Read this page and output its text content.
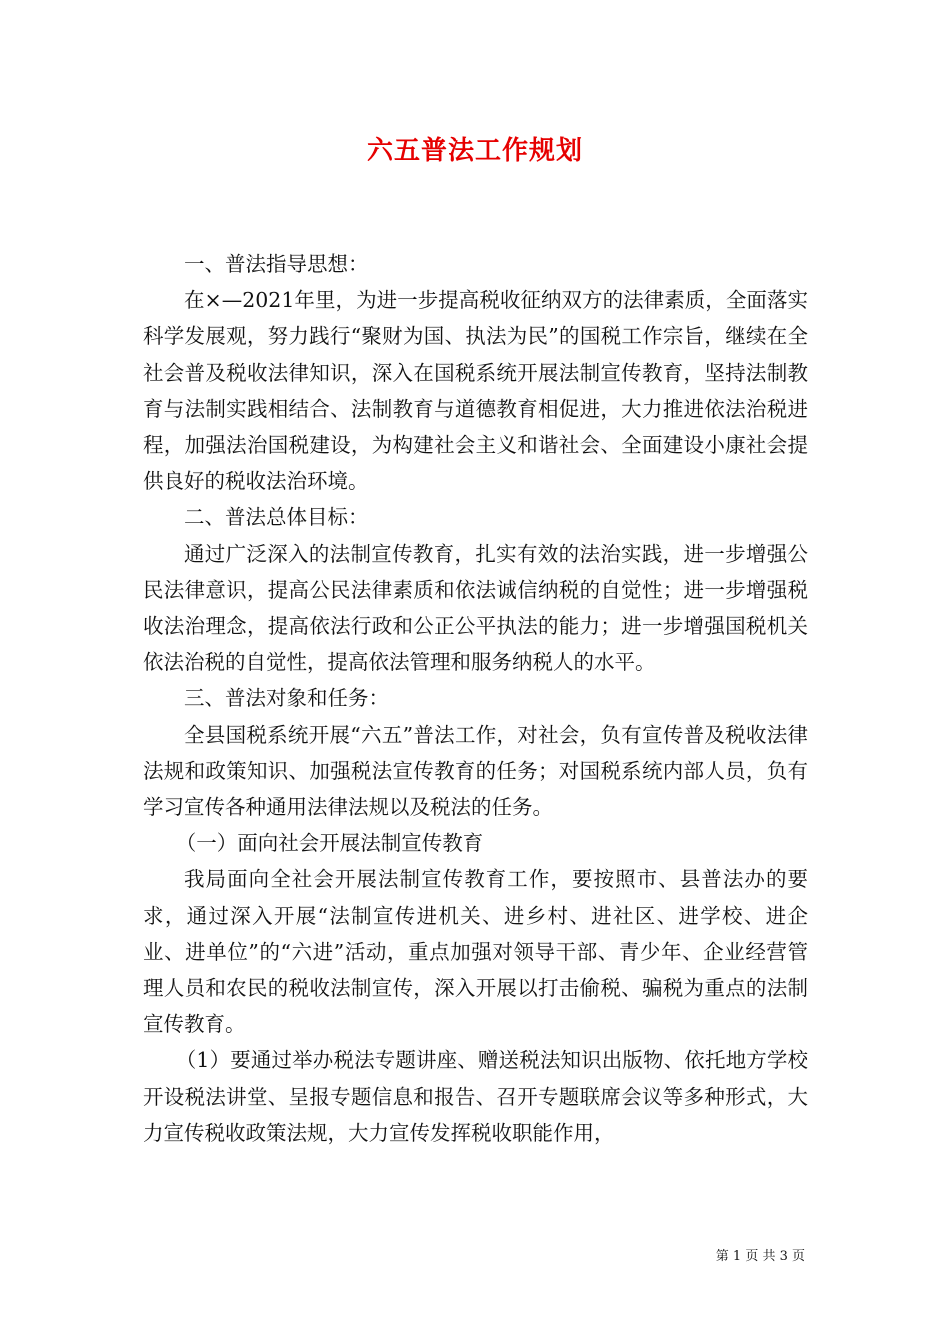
六五普法工作规划

一、普法指导思想：

在×—2021年里，为进一步提高税收征纳双方的法律素质，全面落实科学发展观，努力践行“聚财为国、执法为民”的国税工作宗旨，继续在全社会普及税收法律知识，深入在国税系统开展法制宣传教育，坚持法制教育与法制实践相结合、法制教育与道德教育相促进，大力推进依法治税进程，加强法治国税建设，为构建社会主义和谐社会、全面建设小康社会提供良好的税收法治环境。

二、普法总体目标：

通过广泛深入的法制宣传教育，扎实有效的法治实践，进一步增强公民法律意识，提高公民法律素质和依法诚信纳税的自觉性；进一步增强税收法治理念，提高依法行政和公正公平执法的能力；进一步增强国税机关依法治税的自觉性，提高依法管理和服务纳税人的水平。

三、普法对象和任务：

全县国税系统开展“六五”普法工作，对社会，负有宣传普及税收法律法规和政策知识、加强税法宣传教育的任务；对国税系统内部人员，负有学习宣传各种通用法律法规以及税法的任务。

（一）面向社会开展法制宣传教育

我局面向全社会开展法制宣传教育工作，要按照市、县普法办的要求，通过深入开展“法制宣传进机关、进乡村、进社区、进学校、进企业、进单位”的“六进”活动，重点加强对领导干部、青少年、企业经营管理人员和农民的税收法制宣传，深入开展以打击偷税、骗税为重点的法制宣传教育。

（1）要通过举办税法专题讲座、赠送税法知识出版物、依托地方学校开设税法讲堂、呈报专题信息和报告、召开专题联席会议等多种形式，大力宣传税收政策法规，大力宣传发挥税收职能作用，

第 1 页 共 3 页
